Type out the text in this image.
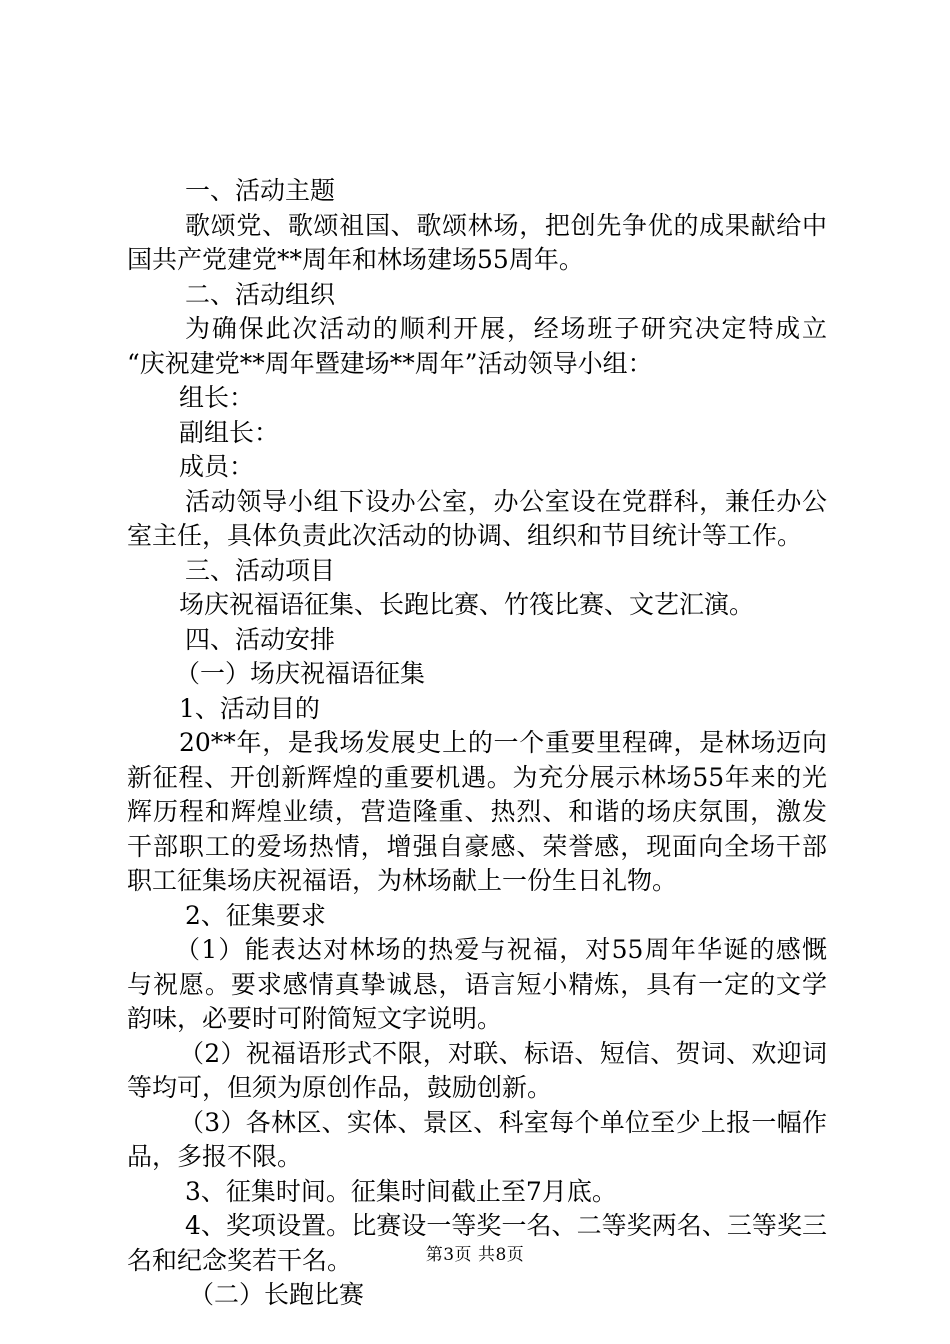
一、活动主题
歌颂党、歌颂祖国、歌颂林场，把创先争优的成果献给中
国共产党建党**周年和林场建场55周年。
二、活动组织
为确保此次活动的顺利开展，经场班子研究决定特成立
“庆祝建党**周年暨建场**周年”活动领导小组：
组长：
副组长：
成员：
活动领导小组下设办公室，办公室设在党群科，兼任办公
室主任，具体负责此次活动的协调、组织和节目统计等工作。
三、活动项目
场庆祝福语征集、长跑比赛、竹筏比赛、文艺汇演。
四、活动安排
（一）场庆祝福语征集
1、活动目的
20**年，是我场发展史上的一个重要里程碑，是林场迈向
新征程、开创新辉煌的重要机遇。为充分展示林场55年来的光
辉历程和辉煌业绩，营造隆重、热烈、和谐的场庆氛围，激发
干部职工的爱场热情，增强自豪感、荣誉感，现面向全场干部
职工征集场庆祝福语，为林场献上一份生日礼物。
2、征集要求
（1）能表达对林场的热爱与祝福，对55周年华诞的感慨
与祝愿。要求感情真挚诚恳，语言短小精炼，具有一定的文学
韵味，必要时可附简短文字说明。
（2）祝福语形式不限，对联、标语、短信、贺词、欢迎词
等均可，但须为原创作品，鼓励创新。
（3）各林区、实体、景区、科室每个单位至少上报一幅作
品，多报不限。
3、征集时间。征集时间截止至7月底。
4、奖项设置。比赛设一等奖一名、二等奖两名、三等奖三
名和纪念奖若干名。
（二）长跑比赛
第3页 共8页
